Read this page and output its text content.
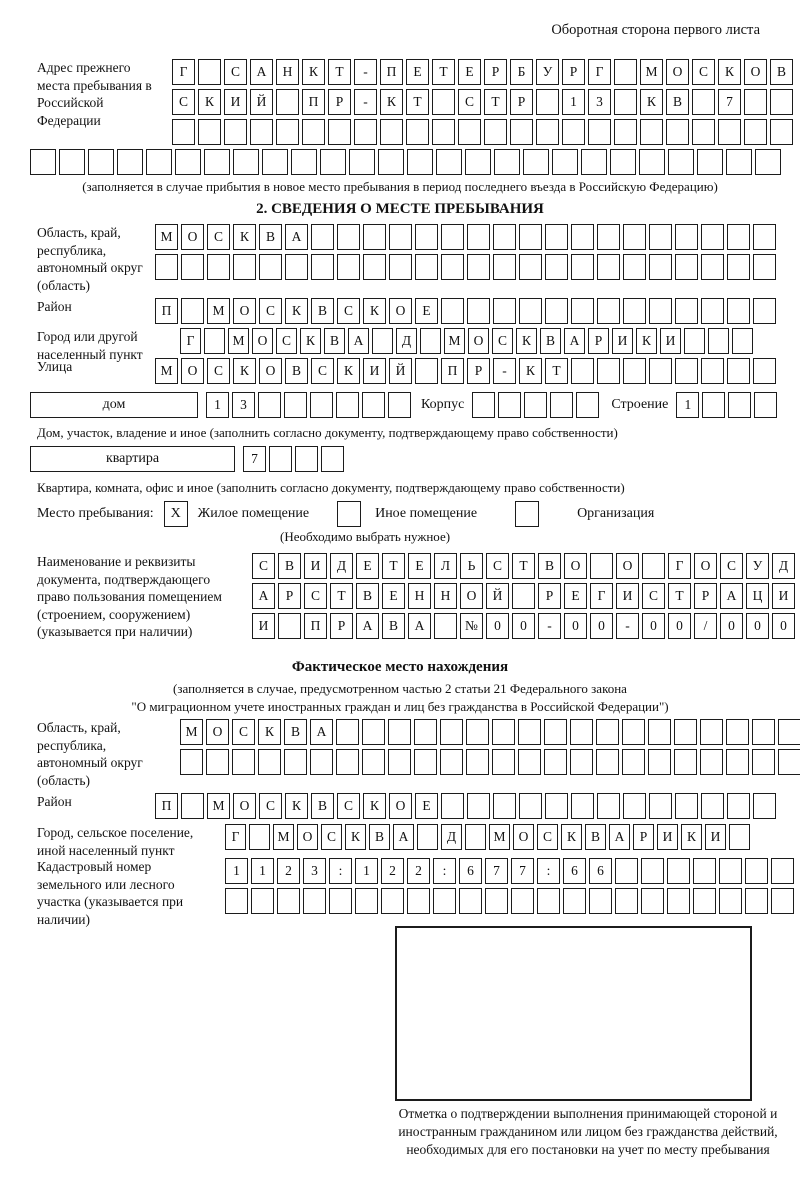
Оборотная сторона первого листа
Адрес прежнего места пребывания в Российской Федерации
Г	С	А	Н	К	Т	-	П	Е	Т	Е	Р	Б	У	Р	Г	М	О	С	К	О	В
С	К	И	Й	П	Р	-	К	Т	С	Т	Р	1	3	К	В	7
(заполняется в случае прибытия в новое место пребывания в период последнего въезда в Российскую Федерацию)
2. СВЕДЕНИЯ О МЕСТЕ ПРЕБЫВАНИЯ
Область, край, республика, автономный округ (область)
М	О	С	К	В	А
Район	П	М	О	С	К	В	С	К	О	Е
Город или другой населенный пункт
Г	М О	С	К	В	А	Д	М О	С	К	В	А	Р	И	К	И
Улица	М	О	С	К	О	В	С	К	И	Й	П	Р	-	К	Т
дом	1	3	Корпус	Строение	1
Дом, участок, владение и иное (заполнить согласно документу, подтверждающему право собственности)
квартира	7
Квартира, комната, офис и иное (заполнить согласно документу, подтверждающему право собственности)
Место пребывания:	X	Жилое помещение	Иное помещение	Организация
(Необходимо выбрать нужное)
Наименование и реквизиты документа, подтверждающего право пользования помещением (строением, сооружением) (указывается при наличии)
С	В	И	Д	Е	Т	Е	Л	Ь	С	Т	В	О	О	Г	О	С	У	Д
А	Р	С	Т	В	Е	Н	Н	О	Й	Р	Е	Г	И	С	Т	Р	А	Ц	И
И	П	Р	А	В	А	№	0	0	-	0	0	-	0	0	/	0	0	0
Фактическое место нахождения
(заполняется в случае, предусмотренном частью 2 статьи 21 Федерального закона
"О миграционном учете иностранных граждан и лиц без гражданства в Российской Федерации")
Область, край, республика, автономный округ (область)
М	О	С	К	В	А
Район	П	М	О	С	К	В	С	К	О	Е
Город, сельское поселение, иной населенный пункт
Г	М О	С	К	В	А	Д	М О	С	К	В	А	Р	И	К	И
Кадастровый номер земельного или лесного участка (указывается при наличии)
1	1	2	3	:	1	2	2	:	6	7	7	:	6	6
Отметка о подтверждении выполнения принимающей стороной и иностранным гражданином или лицом без гражданства действий, необходимых для его постановки на учет по месту пребывания
